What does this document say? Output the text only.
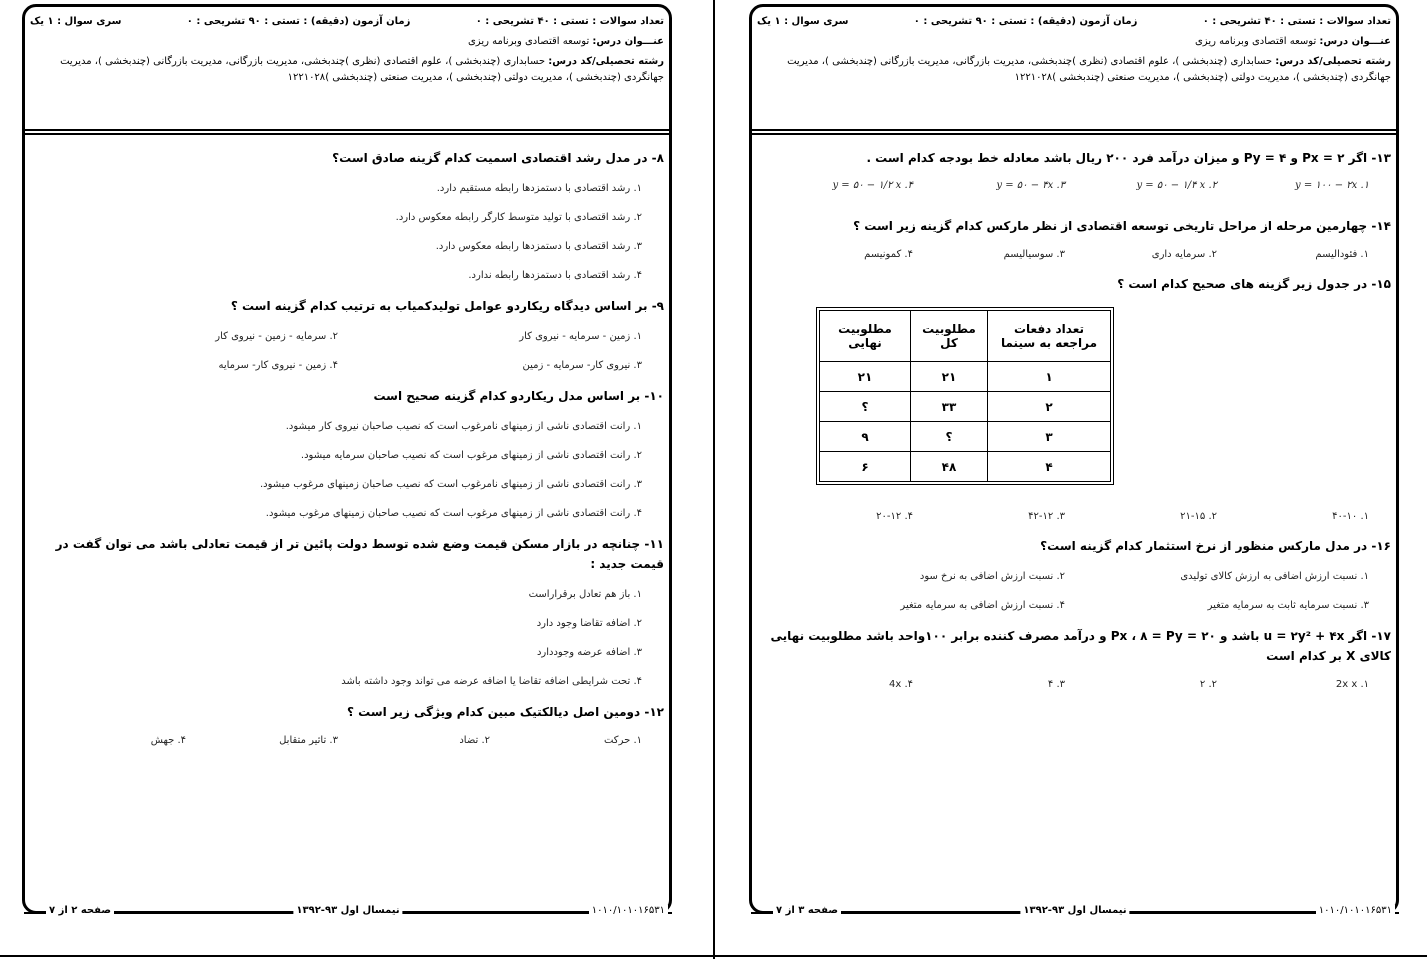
تعداد سوالات : تستی : ۴۰ تشریحی : ۰
زمان آزمون (دقیقه) : تستی : ۹۰ تشریحی : ۰
سری سوال : ۱ یک

عنـــوان درس: توسعه اقتصادی وبرنامه ریزی

رشته تحصیلی/کد درس: حسابداری (چندبخشی )، علوم اقتصادی (نظری )چندبخشی، مدیریت بازرگانی، مدیریت بازرگانی (چندبخشی )، مدیریت جهانگردی (چندبخشی )، مدیریت دولتی (چندبخشی )، مدیریت صنعتی (چندبخشی )۱۲۲۱۰۲۸

۸- در مدل رشد اقتصادی اسمیت کدام گزینه صادق است؟
۱. رشد اقتصادی با دستمزدها رابطه مستقیم دارد.
۲. رشد اقتصادی با تولید متوسط کارگر رابطه معکوس دارد.
۳. رشد اقتصادی با دستمزدها رابطه معکوس دارد.
۴. رشد اقتصادی با دستمزدها رابطه ندارد.
۹- بر اساس دیدگاه ریکاردو عوامل تولیدکمیاب به ترتیب کدام گزینه است ؟
۱. زمین - سرمایه - نیروی کار
۲. سرمایه - زمین - نیروی کار
۳. نیروی کار- سرمایه - زمین
۴. زمین - نیروی کار- سرمایه
۱۰- بر اساس مدل ریکاردو کدام گزینه صحیح است
۱. رانت اقتصادی ناشی از زمینهای نامرغوب است که نصیب صاحبان نیروی کار میشود.
۲. رانت اقتصادی ناشی از زمینهای مرغوب است که نصیب صاحبان سرمایه میشود.
۳. رانت اقتصادی ناشی از زمینهای نامرغوب است که نصیب صاحبان زمینهای مرغوب میشود.
۴. رانت اقتصادی ناشی از زمینهای مرغوب است که نصیب صاحبان زمینهای مرغوب میشود.
۱۱- چنانچه در بازار مسکن قیمت وضع شده توسط دولت پائین تر از قیمت تعادلی باشد می توان گفت در قیمت جدید :
۱. باز هم تعادل برقراراست
۲. اضافه تقاضا وجود دارد
۳. اضافه عرضه وجوددارد
۴. تحت شرایطی اضافه تقاضا یا اضافه عرضه می تواند وجود داشته باشد
۱۲- دومین اصل دیالکتیک مبین کدام ویژگی زیر است ؟
۱. حرکت
۲. تضاد
۳. تاثیر متقابل
۴. جهش
۱۰۱۰/۱۰۱۰۱۶۵۳۱
نیمسال اول ۹۳-۱۳۹۲
صفحه ۲ از ۷
تعداد سوالات : تستی : ۴۰ تشریحی : ۰
زمان آزمون (دقیقه) : تستی : ۹۰ تشریحی : ۰
سری سوال : ۱ یک

عنـــوان درس: توسعه اقتصادی وبرنامه ریزی

رشته تحصیلی/کد درس: حسابداری (چندبخشی )، علوم اقتصادی (نظری )چندبخشی، مدیریت بازرگانی، مدیریت بازرگانی (چندبخشی )، مدیریت جهانگردی (چندبخشی )، مدیریت دولتی (چندبخشی )، مدیریت صنعتی (چندبخشی )۱۲۲۱۰۲۸

۱۳- اگر ۲ = Px و ۴ = Py و میزان درآمد فرد ۲۰۰ ریال باشد معادله خط بودجه کدام است .
۱. y = ۱۰۰ − ۲x
۲. y = ۵۰ − ۱/۴ x
۳. y = ۵۰ − ۴x
۴. y = ۵۰ − ۱/۲ x
۱۴- چهارمین مرحله از مراحل تاریخی توسعه اقتصادی از نظر مارکس کدام گزینه زیر است ؟
۱. فئودالیسم
۲. سرمایه داری
۳. سوسیالیسم
۴. کمونیسم
۱۵- در جدول زیر گزینه های صحیح کدام است ؟
تعداد دفعات مراجعه به سینما	مطلوبیت کل	مطلوبیت نهایی
۱	۲۱	۲۱
۲	۳۳	؟
۳	؟	۹
۴	۴۸	۶
۱. ۴۰-۱۰
۲. ۲۱-۱۵
۳. ۴۲-۱۲
۴. ۲۰-۱۲
۱۶- در مدل مارکس منظور از نرخ استثمار کدام گزینه است؟
۱. نسبت ارزش اضافی به ارزش کالای تولیدی
۲. نسبت ارزش اضافی به نرخ سود
۳. نسبت سرمایه ثابت به سرمایه متغیر
۴. نسبت ارزش اضافی به سرمایه متغیر
۱۷- اگر u = ۲y² + ۴x باشد و ۲۰ = Px ، ۸ = Py و درآمد مصرف کننده برابر ۱۰۰واحد باشد مطلوبیت نهایی کالای X بر کدام است
۱. 2x x
۲. ۲
۳. ۴
۴. 4x
۱۰۱۰/۱۰۱۰۱۶۵۳۱
نیمسال اول ۹۳-۱۳۹۲
صفحه ۳ از ۷
